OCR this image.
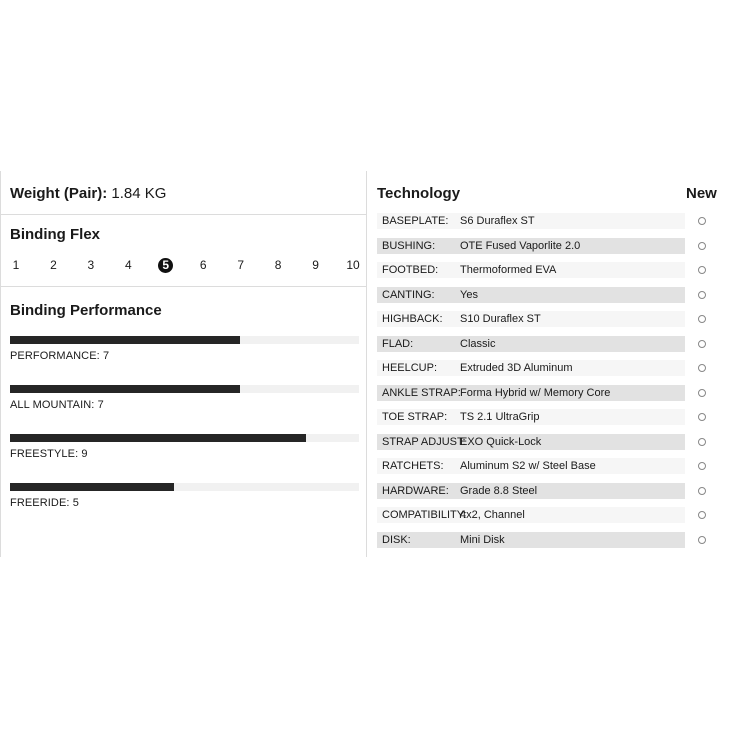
Weight (Pair): 1.84 KG
Binding Flex
1	2	3	4	5	6	7	8	9	10
Binding Performance
PERFORMANCE: 7
ALL MOUNTAIN: 7
FREESTYLE: 9
FREERIDE: 5
Technology	New
BASEPLATE: S6 Duraflex ST
BUSHING: OTE Fused Vaporlite 2.0
FOOTBED: Thermoformed EVA
CANTING: Yes
HIGHBACK: S10 Duraflex ST
FLAD:	Classic
HEELCUP: Extruded 3D Aluminum
ANKLE STRAP: Forma Hybrid w/ Memory Core
TOE STRAP: TS 2.1 UltraGrip
STRAP ADJUST:
EXO Quick-Lock
RATCHETS: Aluminum S2 w/ Steel Base
HARDWARE: Grade 8.8 Steel
COMPATIBILITY:
4x2, Channel
DISK:	Mini Disk
